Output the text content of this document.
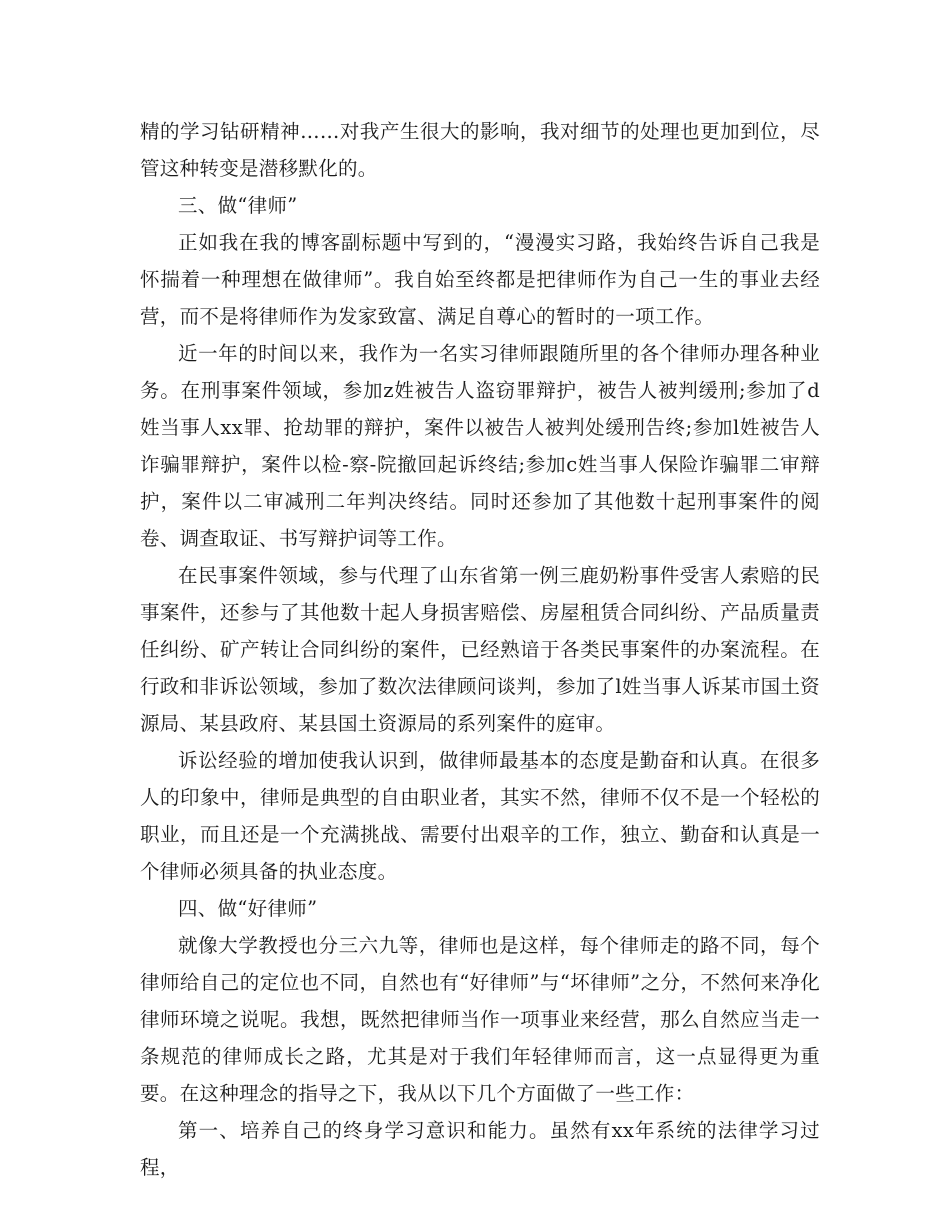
精的学习钻研精神……对我产生很大的影响，我对细节的处理也更加到位，尽管这种转变是潜移默化的。

三、做“律师”

正如我在我的博客副标题中写到的，“漫漫实习路，我始终告诉自己我是怀揣着一种理想在做律师”。我自始至终都是把律师作为自己一生的事业去经营，而不是将律师作为发家致富、满足自尊心的暂时的一项工作。

近一年的时间以来，我作为一名实习律师跟随所里的各个律师办理各种业务。在刑事案件领域，参加z姓被告人盗窃罪辩护，被告人被判缓刑;参加了d姓当事人xx罪、抢劫罪的辩护，案件以被告人被判处缓刑告终;参加l姓被告人诈骗罪辩护，案件以检-察-院撤回起诉终结;参加c姓当事人保险诈骗罪二审辩护，案件以二审减刑二年判决终结。同时还参加了其他数十起刑事案件的阅卷、调查取证、书写辩护词等工作。

在民事案件领域，参与代理了山东省第一例三鹿奶粉事件受害人索赔的民事案件，还参与了其他数十起人身损害赔偿、房屋租赁合同纠纷、产品质量责任纠纷、矿产转让合同纠纷的案件，已经熟谙于各类民事案件的办案流程。在行政和非诉讼领域，参加了数次法律顾问谈判，参加了l姓当事人诉某市国土资源局、某县政府、某县国土资源局的系列案件的庭审。

诉讼经验的增加使我认识到，做律师最基本的态度是勤奋和认真。在很多人的印象中，律师是典型的自由职业者，其实不然，律师不仅不是一个轻松的职业，而且还是一个充满挑战、需要付出艰辛的工作，独立、勤奋和认真是一个律师必须具备的执业态度。

四、做“好律师”

就像大学教授也分三六九等，律师也是这样，每个律师走的路不同，每个律师给自己的定位也不同，自然也有“好律师”与“坏律师”之分，不然何来净化律师环境之说呢。我想，既然把律师当作一项事业来经营，那么自然应当走一条规范的律师成长之路，尤其是对于我们年轻律师而言，这一点显得更为重要。在这种理念的指导之下，我从以下几个方面做了一些工作：

第一、培养自己的终身学习意识和能力。虽然有xx年系统的法律学习过程，
